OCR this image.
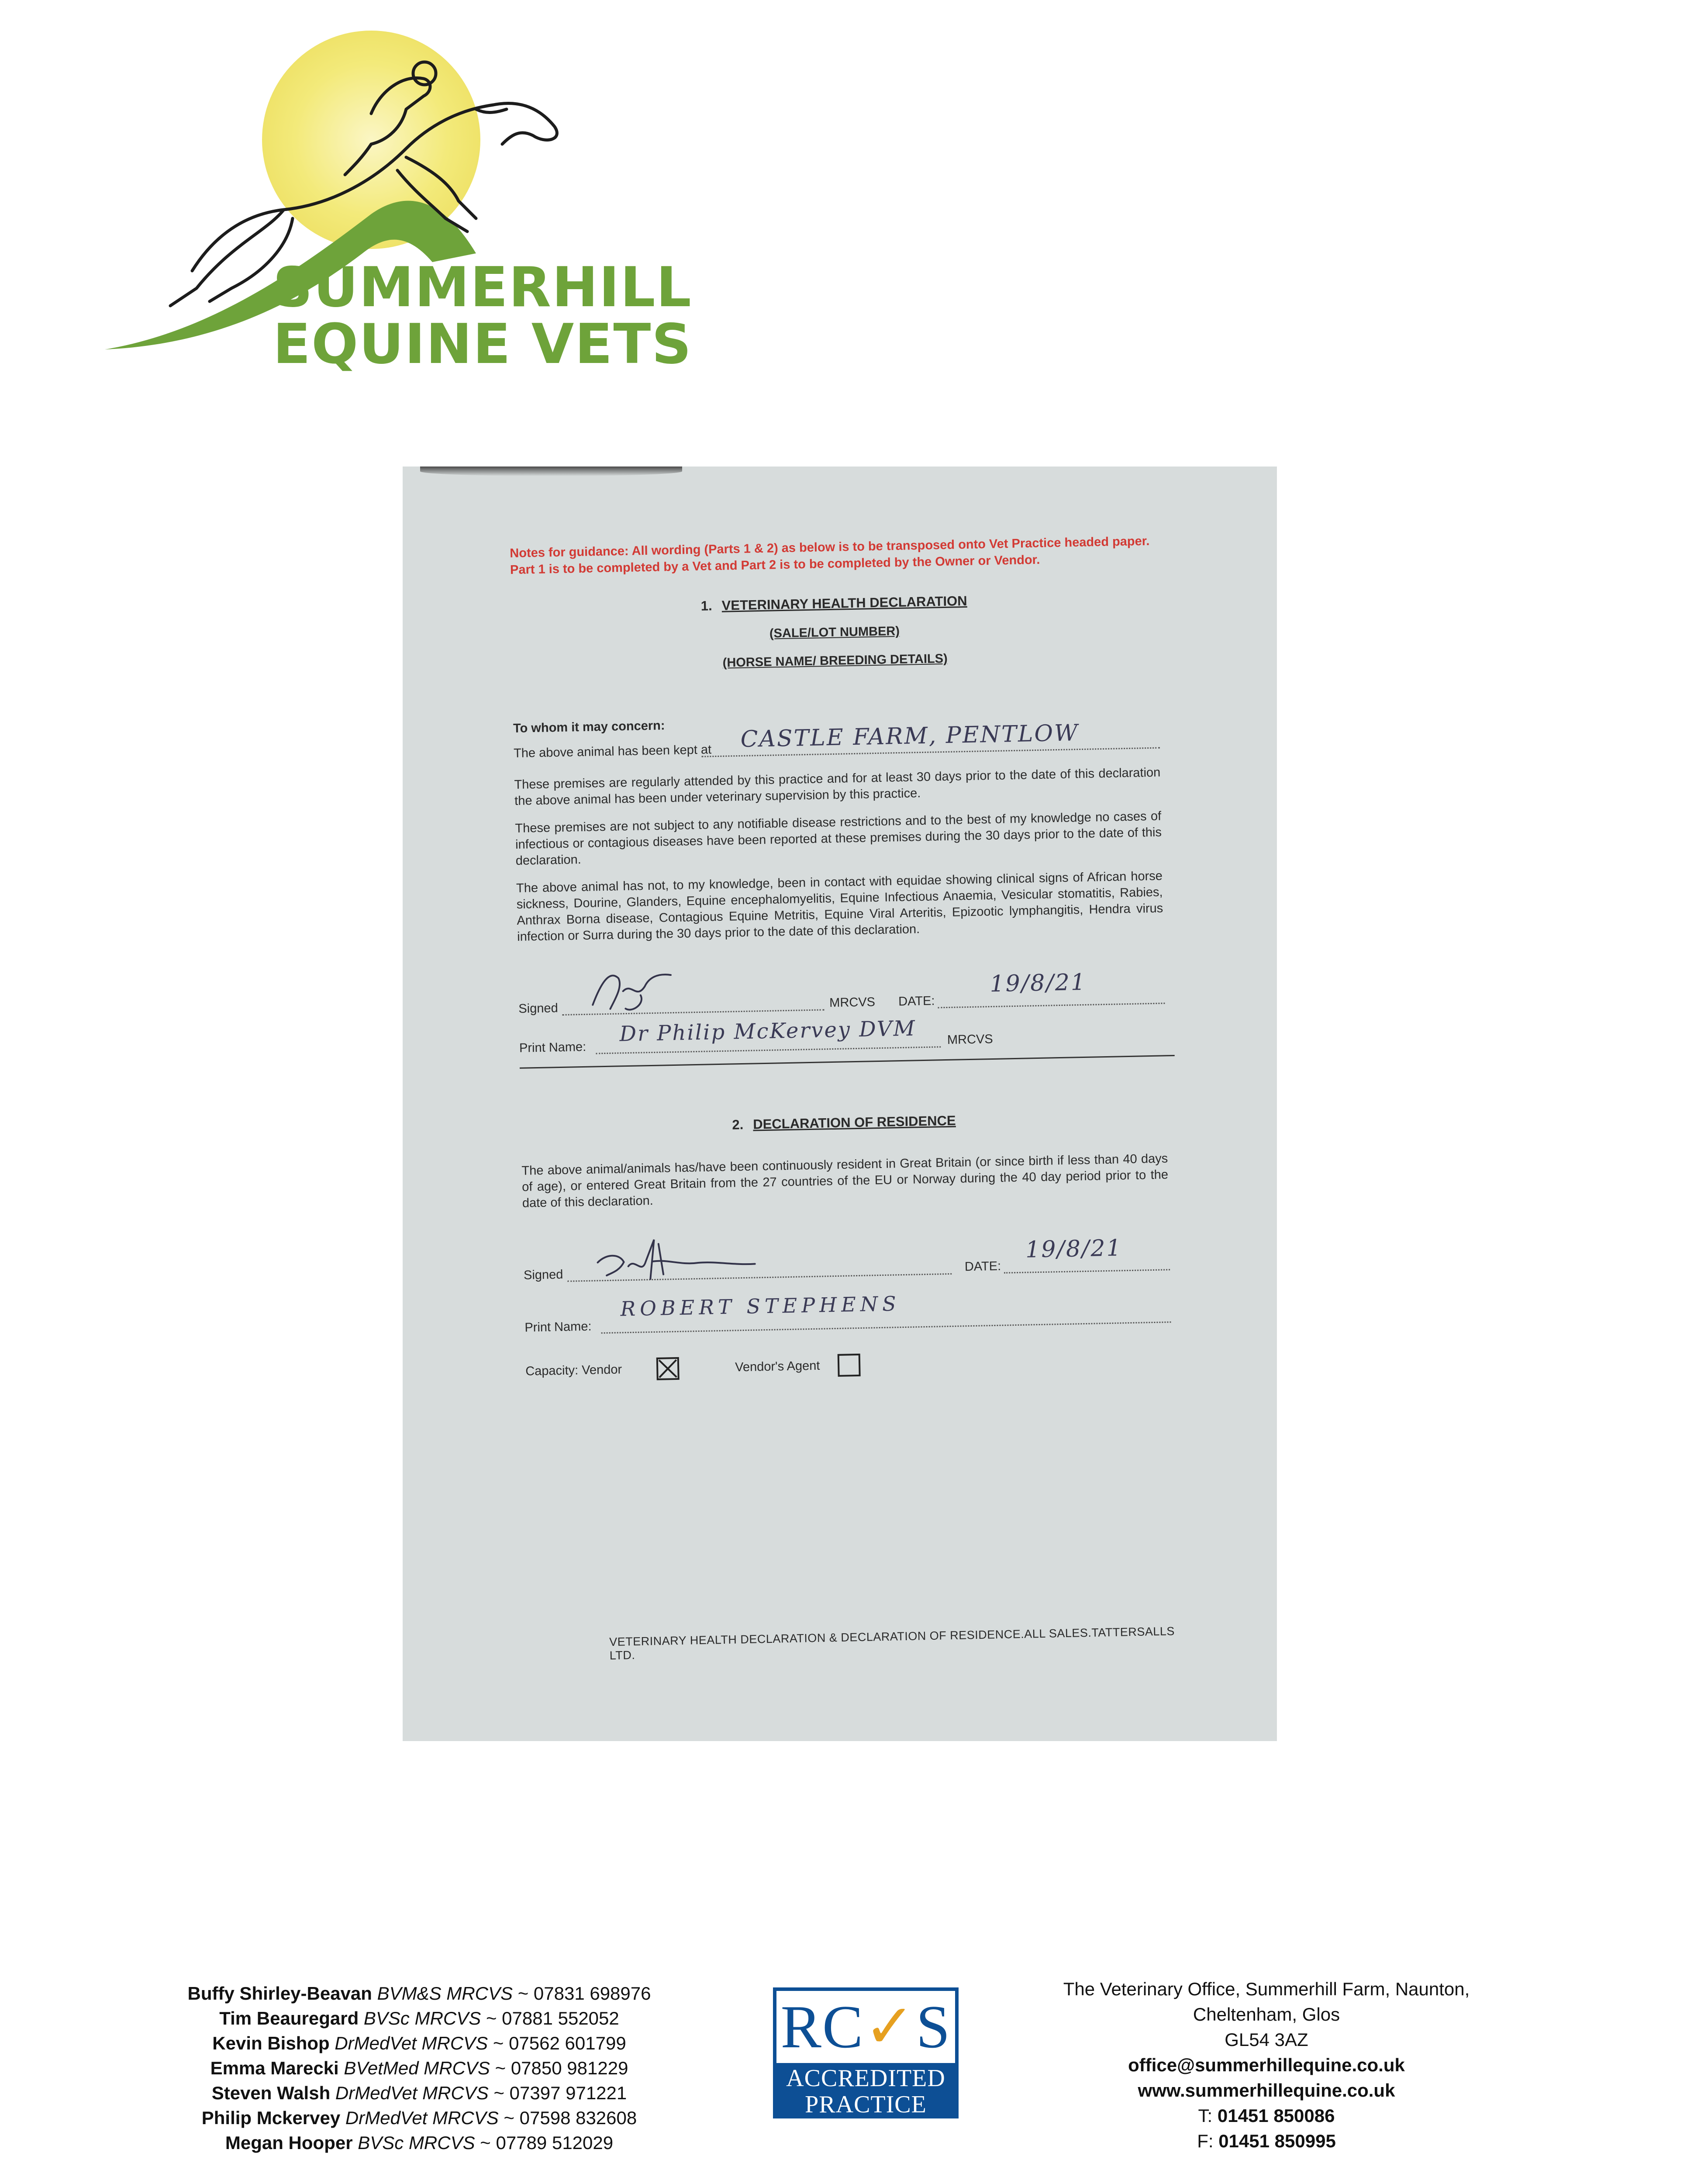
SUMMERHILL
EQUINE VETS
Notes for guidance: All wording (Parts 1 & 2) as below is to be transposed onto Vet Practice headed paper. Part 1 is to be completed by a Vet and Part 2 is to be completed by the Owner or Vendor.
1. VETERINARY HEALTH DECLARATION
(SALE/LOT NUMBER)
(HORSE NAME/ BREEDING DETAILS)
To whom it may concern:
The above animal has been kept at CASTLE FARM, PENTLOW
These premises are regularly attended by this practice and for at least 30 days prior to the date of this declaration the above animal has been under veterinary supervision by this practice.
These premises are not subject to any notifiable disease restrictions and to the best of my knowledge no cases of infectious or contagious diseases have been reported at these premises during the 30 days prior to the date of this declaration.
The above animal has not, to my knowledge, been in contact with equidae showing clinical signs of African horse sickness, Dourine, Glanders, Equine encephalomyelitis, Equine Infectious Anaemia, Vesicular stomatitis, Rabies, Anthrax Borna disease, Contagious Equine Metritis, Equine Viral Arteritis, Epizootic lymphangitis, Hendra virus infection or Surra during the 30 days prior to the date of this declaration.
Signed	MRCVS DATE:
19/8/21
Print Name:
Dr Philip McKervey DVM MRCVS
2. DECLARATION OF RESIDENCE
The above animal/animals has/have been continuously resident in Great Britain (or since birth if less than 40 days of age), or entered Great Britain from the 27 countries of the EU or Norway during the 40 day period prior to the date of this declaration.
Signed
DATE:
19/8/21
Print Name:
ROBERT STEPHENS
Capacity: Vendor	Vendor's Agent
VETERINARY HEALTH DECLARATION & DECLARATION OF RESIDENCE.ALL SALES.TATTERSALLS LTD.
Buffy Shirley-Beavan BVM&S MRCVS ~ 07831 698976
Tim Beauregard BVSc MRCVS ~ 07881 552052
Kevin Bishop DrMedVet MRCVS ~ 07562 601799
Emma Marecki BVetMed MRCVS ~ 07850 981229
Steven Walsh DrMedVet MRCVS ~ 07397 971221
Philip Mckervey DrMedVet MRCVS ~ 07598 832608
Megan Hooper BVSc MRCVS ~ 07789 512029
RC✓S
ACCREDITED
PRACTICE
The Veterinary Office, Summerhill Farm, Naunton,
Cheltenham, Glos
GL54 3AZ
office@summerhillequine.co.uk
www.summerhillequine.co.uk
T: 01451 850086
F: 01451 850995
